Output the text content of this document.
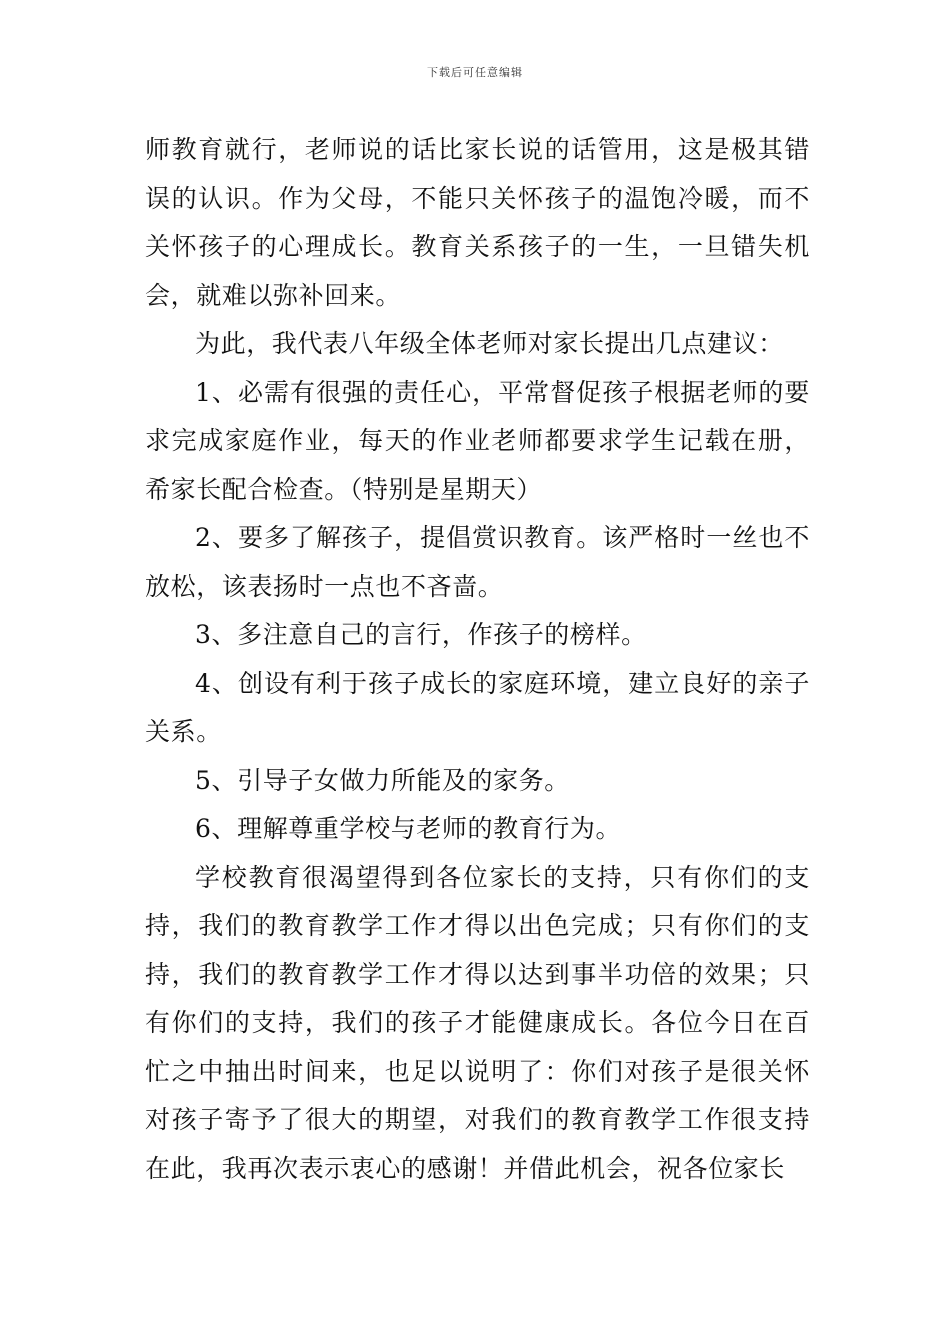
下载后可任意编辑

师教育就行，老师说的话比家长说的话管用，这是极其错误的认识。作为父母，不能只关怀孩子的温饱冷暖，而不关怀孩子的心理成长。教育关系孩子的一生，一旦错失机会，就难以弥补回来。

为此，我代表八年级全体老师对家长提出几点建议：

1、必需有很强的责任心，平常督促孩子根据老师的要求完成家庭作业，每天的作业老师都要求学生记载在册，希家长配合检查。（特别是星期天）

2、要多了解孩子，提倡赏识教育。该严格时一丝也不放松，该表扬时一点也不吝啬。

3、多注意自己的言行，作孩子的榜样。

4、创设有利于孩子成长的家庭环境，建立良好的亲子关系。

5、引导子女做力所能及的家务。

6、理解尊重学校与老师的教育行为。

学校教育很渴望得到各位家长的支持，只有你们的支持，我们的教育教学工作才得以出色完成；只有你们的支持，我们的教育教学工作才得以达到事半功倍的效果；只有你们的支持，我们的孩子才能健康成长。各位今日在百忙之中抽出时间来，也足以说明了：你们对孩子是很关怀对孩子寄予了很大的期望，对我们的教育教学工作很支持在此，我再次表示衷心的感谢！并借此机会，祝各位家长
